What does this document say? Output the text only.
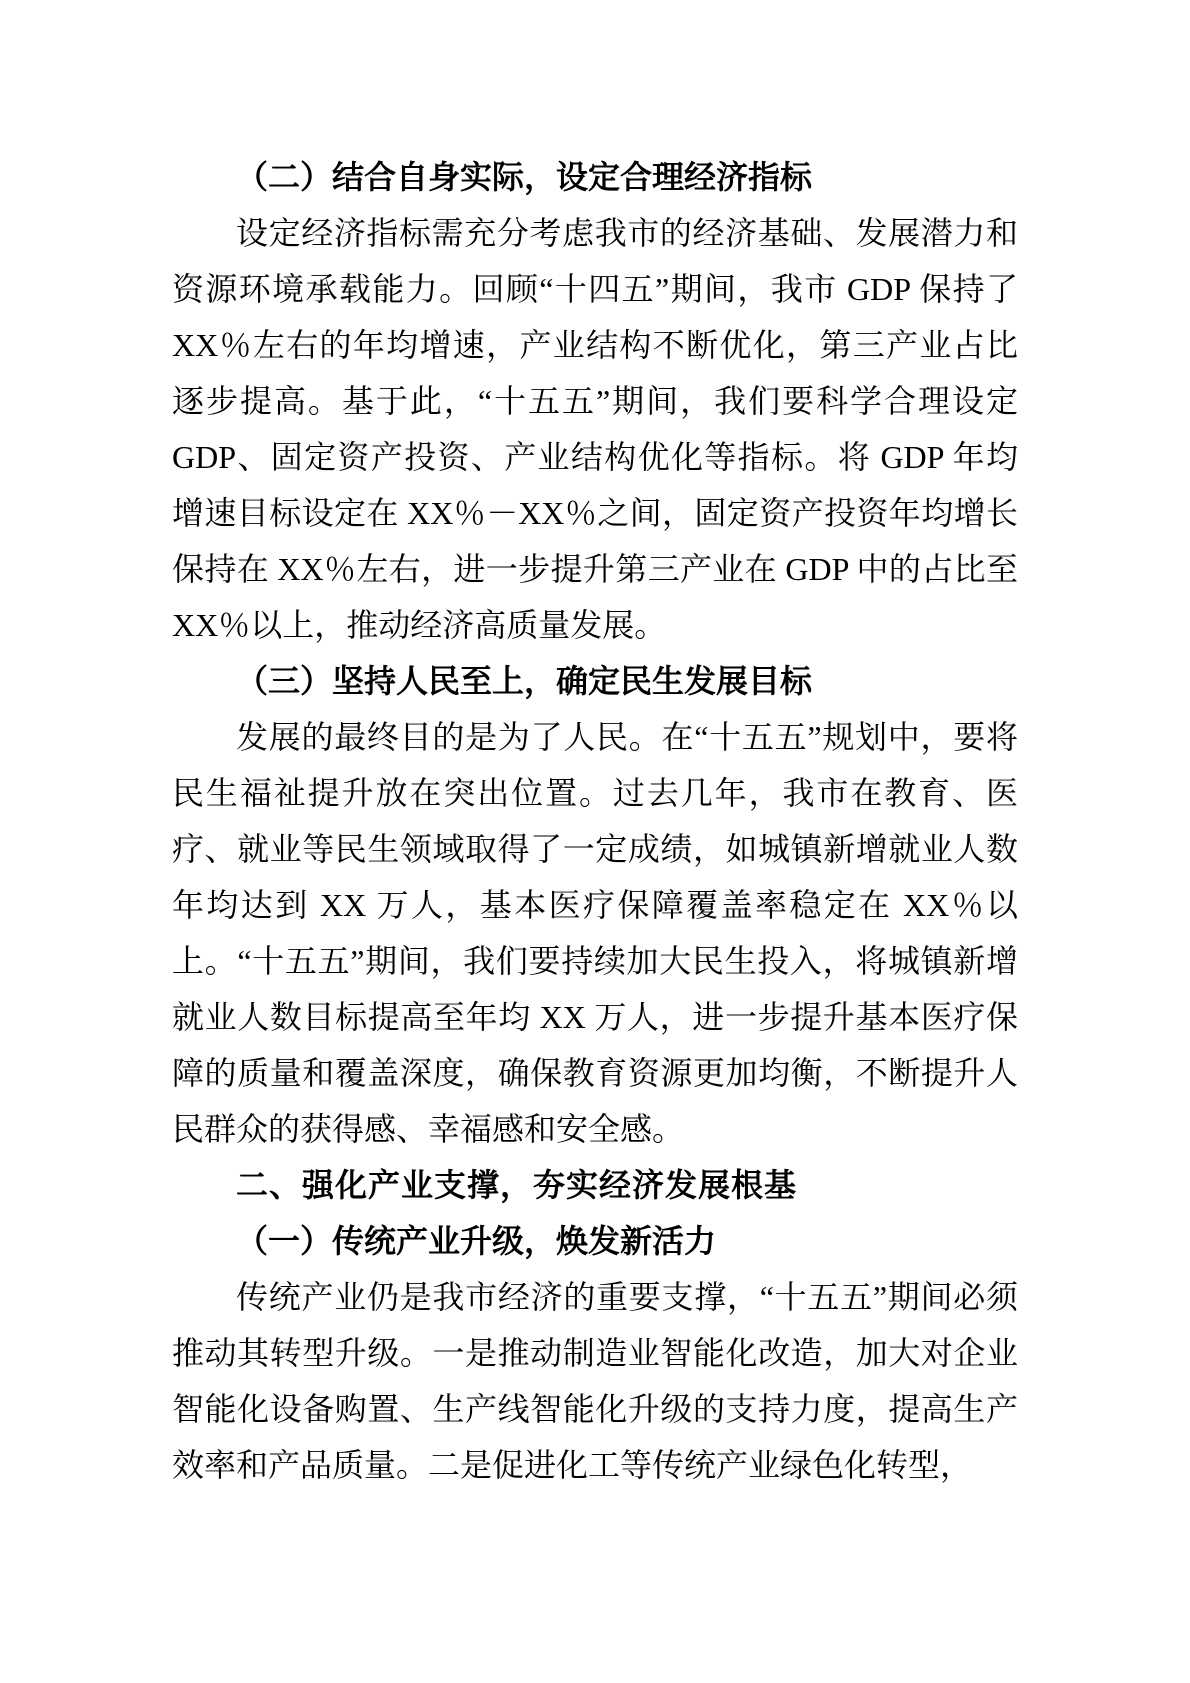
（二）结合自身实际，设定合理经济指标

设定经济指标需充分考虑我市的经济基础、发展潜力和资源环境承载能力。回顾“十四五”期间，我市 GDP 保持了 XX％左右的年均增速，产业结构不断优化，第三产业占比逐步提高。基于此，“十五五”期间，我们要科学合理设定 GDP、固定资产投资、产业结构优化等指标。将 GDP 年均增速目标设定在 XX％－XX％之间，固定资产投资年均增长保持在 XX％左右，进一步提升第三产业在 GDP 中的占比至 XX％以上，推动经济高质量发展。

（三）坚持人民至上，确定民生发展目标

发展的最终目的是为了人民。在“十五五”规划中，要将民生福祉提升放在突出位置。过去几年，我市在教育、医疗、就业等民生领域取得了一定成绩，如城镇新增就业人数年均达到 XX 万人，基本医疗保障覆盖率稳定在 XX％以上。“十五五”期间，我们要持续加大民生投入，将城镇新增就业人数目标提高至年均 XX 万人，进一步提升基本医疗保障的质量和覆盖深度，确保教育资源更加均衡，不断提升人民群众的获得感、幸福感和安全感。

二、强化产业支撑，夯实经济发展根基

（一）传统产业升级，焕发新活力

传统产业仍是我市经济的重要支撑，“十五五”期间必须推动其转型升级。一是推动制造业智能化改造，加大对企业智能化设备购置、生产线智能化升级的支持力度，提高生产效率和产品质量。二是促进化工等传统产业绿色化转型，
